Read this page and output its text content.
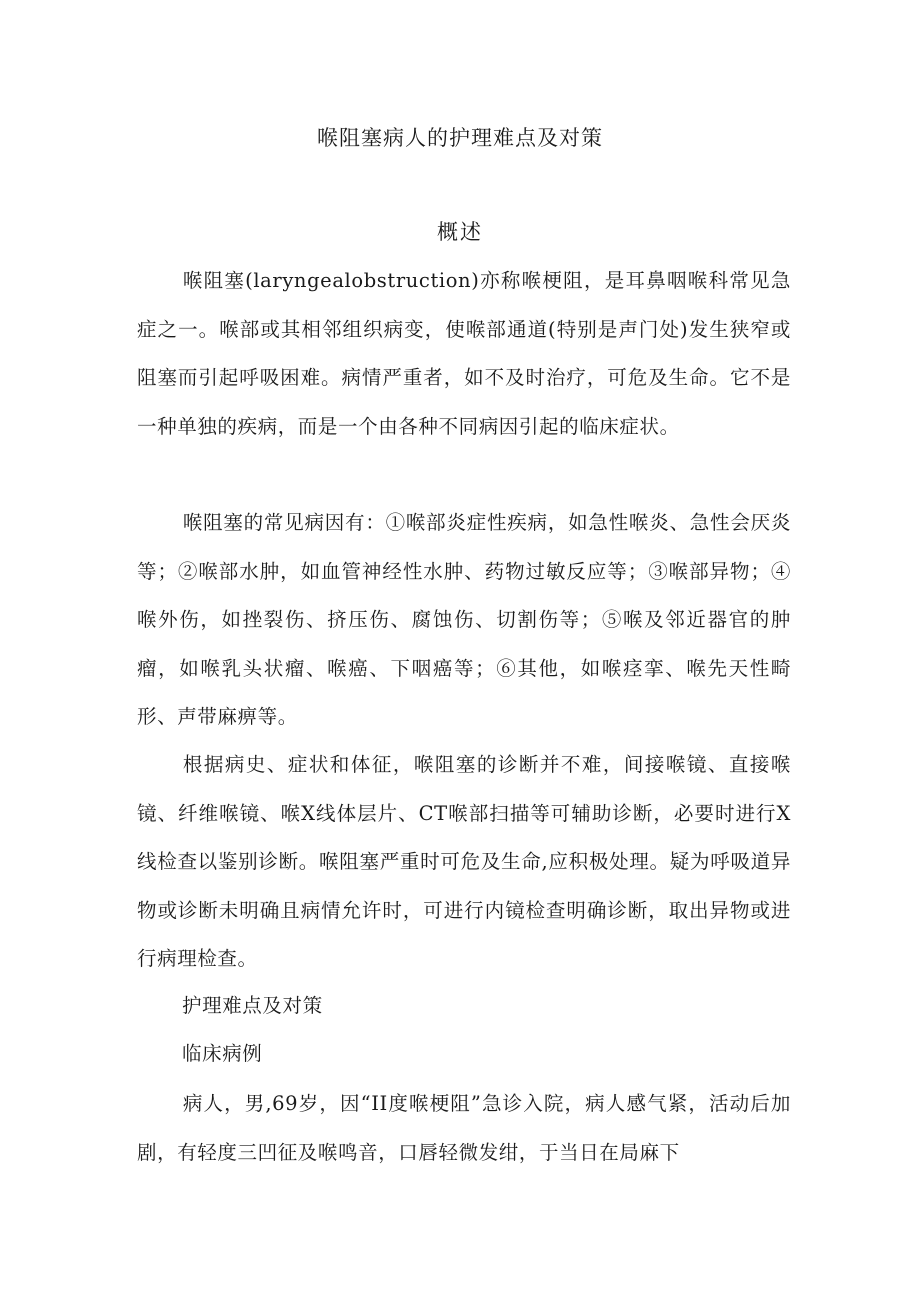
喉阻塞病人的护理难点及对策
概述

喉阻塞(laryngealobstruction)亦称喉梗阻，是耳鼻咽喉科常见急症之一。喉部或其相邻组织病变，使喉部通道(特别是声门处)发生狭窄或阻塞而引起呼吸困难。病情严重者，如不及时治疗，可危及生命。它不是一种单独的疾病，而是一个由各种不同病因引起的临床症状。

喉阻塞的常见病因有：①喉部炎症性疾病，如急性喉炎、急性会厌炎等；②喉部水肿，如血管神经性水肿、药物过敏反应等；③喉部异物；④喉外伤，如挫裂伤、挤压伤、腐蚀伤、切割伤等；⑤喉及邻近器官的肿瘤，如喉乳头状瘤、喉癌、下咽癌等；⑥其他，如喉痉挛、喉先天性畸形、声带麻痹等。

根据病史、症状和体征，喉阻塞的诊断并不难，间接喉镜、直接喉镜、纤维喉镜、喉X线体层片、CT喉部扫描等可辅助诊断，必要时进行X线检查以鉴别诊断。喉阻塞严重时可危及生命,应积极处理。疑为呼吸道异物或诊断未明确且病情允许时，可进行内镜检查明确诊断，取出异物或进行病理检查。

护理难点及对策
临床病例

病人，男,69岁，因“II度喉梗阻”急诊入院，病人感气紧，活动后加剧，有轻度三凹征及喉鸣音，口唇轻微发绀，于当日在局麻下
